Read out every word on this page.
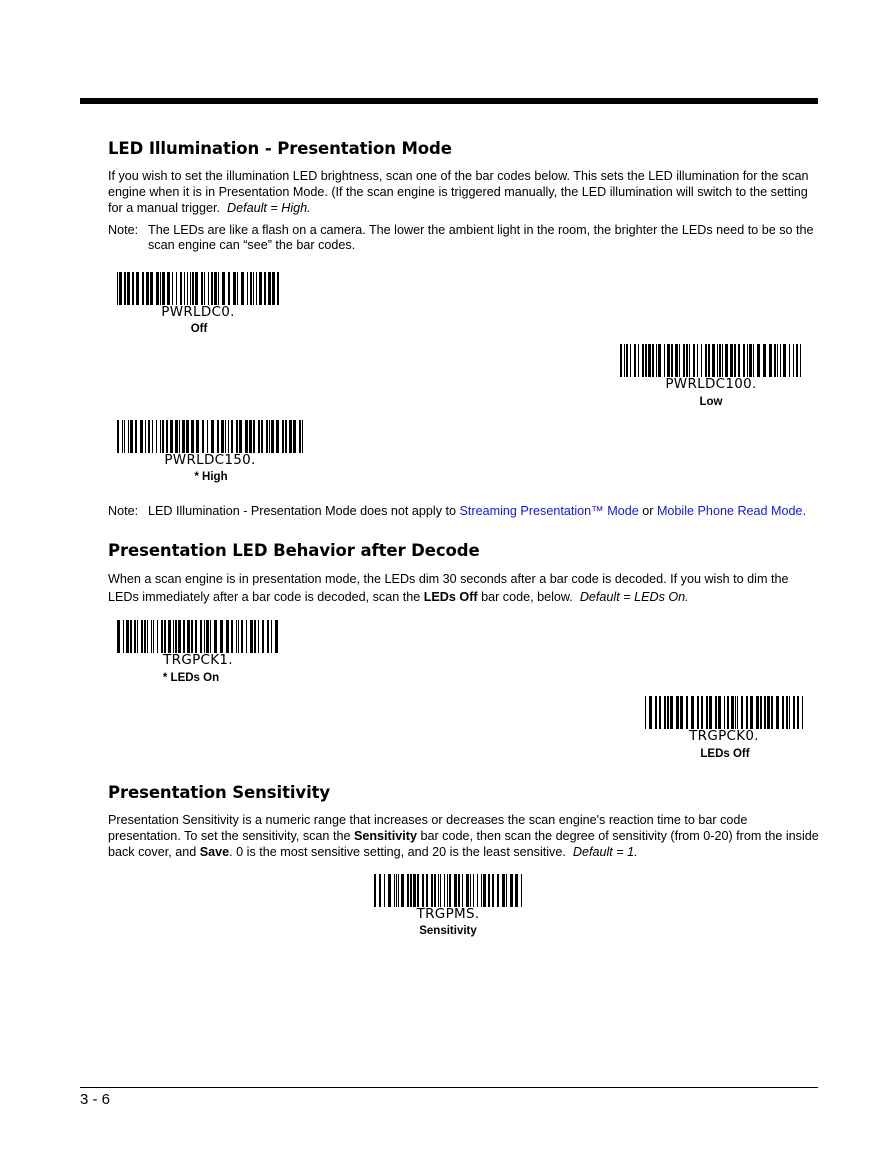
LED Illumination - Presentation Mode

If you wish to set the illumination LED brightness, scan one of the bar codes below. This sets the LED illumination for the scan engine when it is in Presentation Mode. (If the scan engine is triggered manually, the LED illumination will switch to the setting for a manual trigger. Default = High.

Note: The LEDs are like a flash on a camera. The lower the ambient light in the room, the brighter the LEDs need to be so the scan engine can “see” the bar codes.
PWRLDC0.
Off
PWRLDC100.
Low
PWRLDC150.
* High
Note: LED Illumination - Presentation Mode does not apply to Streaming Presentation™ Mode or Mobile Phone Read Mode.
Presentation LED Behavior after Decode

When a scan engine is in presentation mode, the LEDs dim 30 seconds after a bar code is decoded. If you wish to dim the LEDs immediately after a bar code is decoded, scan the LEDs Off bar code, below. Default = LEDs On.

TRGPCK1.
* LEDs On
TRGPCK0.
LEDs Off
Presentation Sensitivity

Presentation Sensitivity is a numeric range that increases or decreases the scan engine's reaction time to bar code presentation. To set the sensitivity, scan the Sensitivity bar code, then scan the degree of sensitivity (from 0-20) from the inside back cover, and Save. 0 is the most sensitive setting, and 20 is the least sensitive. Default = 1.

TRGPMS.
Sensitivity
3 - 6
